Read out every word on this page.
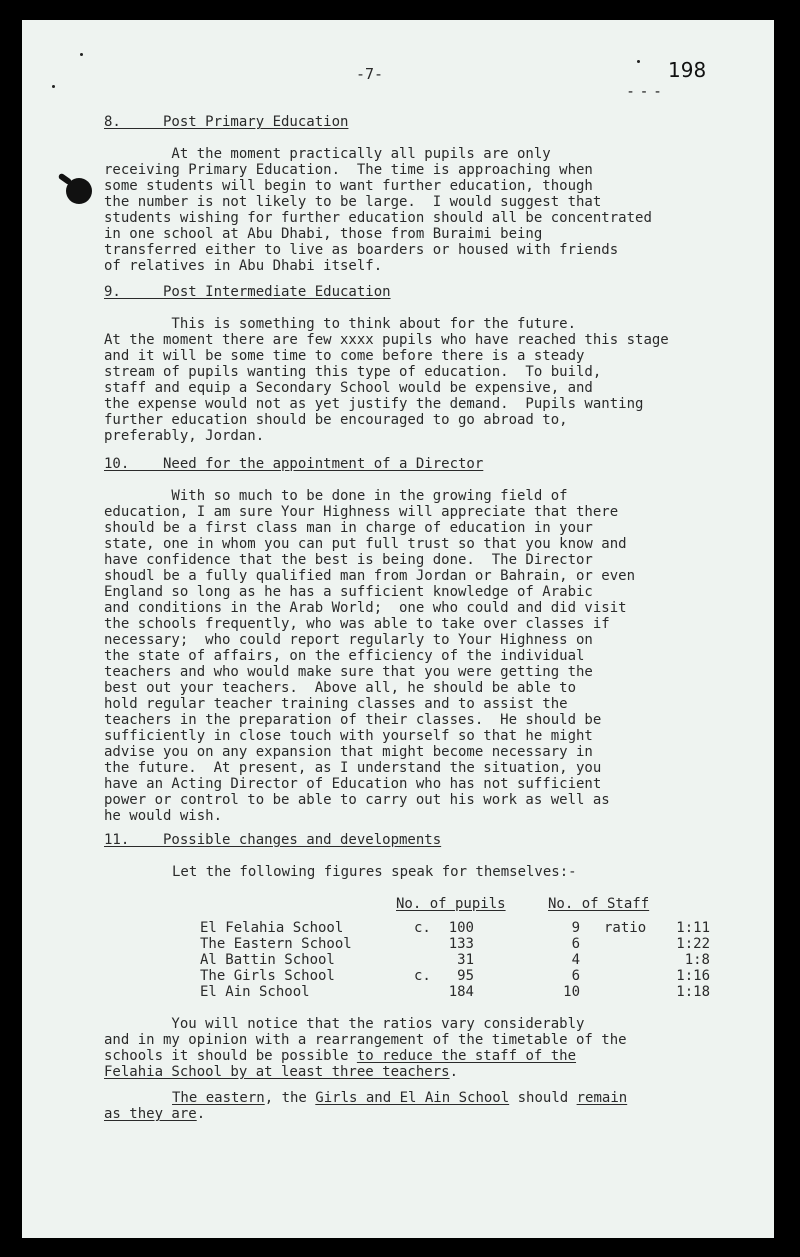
-7-	198
- - -
8.     Post Primary Education
At the moment practically all pupils are only
receiving Primary Education.  The time is approaching when
some students will begin to want further education, though
the number is not likely to be large.  I would suggest that
students wishing for further education should all be concentrated
in one school at Abu Dhabi, those from Buraimi being
transferred either to live as boarders or housed with friends
of relatives in Abu Dhabi itself.
9.     Post Intermediate Education
This is something to think about for the future.
At the moment there are few xxxx pupils who have reached this stage
and it will be some time to come before there is a steady
stream of pupils wanting this type of education.  To build,
staff and equip a Secondary School would be expensive, and
the expense would not as yet justify the demand.  Pupils wanting
further education should be encouraged to go abroad to,
preferably, Jordan.
10.    Need for the appointment of a Director
With so much to be done in the growing field of
education, I am sure Your Highness will appreciate that there
should be a first class man in charge of education in your
state, one in whom you can put full trust so that you know and
have confidence that the best is being done.  The Director
shoudl be a fully qualified man from Jordan or Bahrain, or even
England so long as he has a sufficient knowledge of Arabic
and conditions in the Arab World;  one who could and did visit
the schools frequently, who was able to take over classes if
necessary;  who could report regularly to Your Highness on
the state of affairs, on the efficiency of the individual
teachers and who would make sure that you were getting the
best out your teachers.  Above all, he should be able to
hold regular teacher training classes and to assist the
teachers in the preparation of their classes.  He should be
sufficiently in close touch with yourself so that he might
advise you on any expansion that might become necessary in
the future.  At present, as I understand the situation, you
have an Acting Director of Education who has not sufficient
power or control to be able to carry out his work as well as
he would wish.
11.    Possible changes and developments
Let the following figures speak for themselves:-
No. of pupils	No. of Staff
El Felahia School	c.	100	9 ratio	1:11
The Eastern School	133	6	1:22
Al Battin School	31	4	1:8
The Girls School	c.	95	6	1:16
El Ain School	184	10	1:18
You will notice that the ratios vary considerably
and in my opinion with a rearrangement of the timetable of the
schools it should be possible to reduce the staff of the
Felahia School by at least three teachers.
The eastern, the Girls and El Ain School should remain
as they are.
